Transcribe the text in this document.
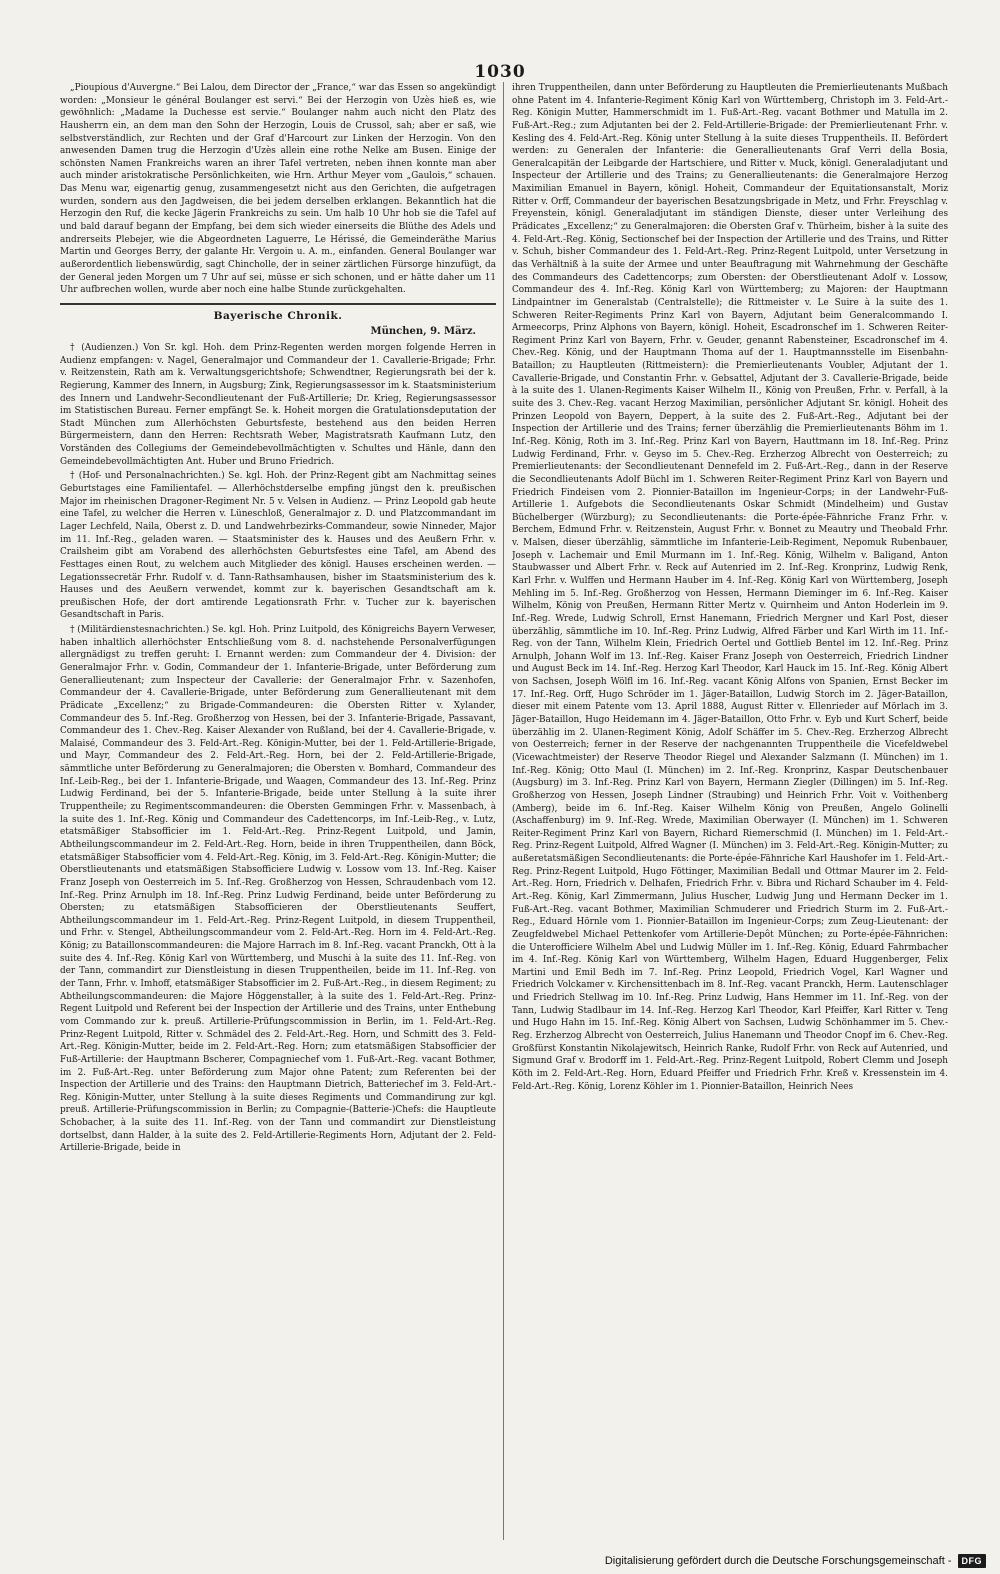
1030

„Pioupious d'Auvergne.“ Bei Lalou, dem Director der „France,“ war das Essen so angekündigt worden: „Monsieur le général Boulanger est servi.“ Bei der Herzogin von Uzès hieß es, wie gewöhnlich: „Madame la Duchesse est servie.“ Boulanger nahm auch nicht den Platz des Hausherrn ein, an dem man den Sohn der Herzogin, Louis de Crussol, sah; aber er saß, wie selbstverständlich, zur Rechten und der Graf d'Harcourt zur Linken der Herzogin. Von den anwesenden Damen trug die Herzogin d'Uzès allein eine rothe Nelke am Busen. Einige der schönsten Namen Frankreichs waren an ihrer Tafel vertreten, neben ihnen konnte man aber auch minder aristokratische Persönlichkeiten, wie Hrn. Arthur Meyer vom „Gaulois,“ schauen. Das Menu war, eigenartig genug, zusammengesetzt nicht aus den Gerichten, die aufgetragen wurden, sondern aus den Jagdweisen, die bei jedem derselben erklangen. Bekanntlich hat die Herzogin den Ruf, die kecke Jägerin Frankreichs zu sein. Um halb 10 Uhr hob sie die Tafel auf und bald darauf begann der Empfang, bei dem sich wieder einerseits die Blüthe des Adels und andrerseits Plebejer, wie die Abgeordneten Laguerre, Le Hérissé, die Gemeinderäthe Marius Martin und Georges Berry, der galante Hr. Vergoin u. A. m., einfanden. General Boulanger war außerordentlich liebenswürdig, sagt Chincholle, der in seiner zärtlichen Fürsorge hinzufügt, da der General jeden Morgen um 7 Uhr auf sei, müsse er sich schonen, und er hätte daher um 11 Uhr aufbrechen wollen, wurde aber noch eine halbe Stunde zurückgehalten.

Bayerische Chronik.
München, 9. März.

† (Audienzen.) Von Sr. kgl. Hoh. dem Prinz-Regenten werden morgen folgende Herren in Audienz empfangen: v. Nagel, Generalmajor und Commandeur der 1. Cavallerie-Brigade; Frhr. v. Reitzenstein, Rath am k. Verwaltungsgerichtshofe; Schwendtner, Regierungsrath bei der k. Regierung, Kammer des Innern, in Augsburg; Zink, Regierungsassessor im k. Staatsministerium des Innern und Landwehr-Secondlieutenant der Fuß-Artillerie; Dr. Krieg, Regierungsassessor im Statistischen Bureau. Ferner empfängt Se. k. Hoheit morgen die Gratulationsdeputation der Stadt München zum Allerhöchsten Geburtsfeste, bestehend aus den beiden Herren Bürgermeistern, dann den Herren: Rechtsrath Weber, Magistratsrath Kaufmann Lutz, den Vorständen des Collegiums der Gemeindebevollmächtigten v. Schultes und Hänle, dann den Gemeindebevollmächtigten Ant. Huber und Bruno Friedrich.

† (Hof- und Personalnachrichten.) Se. kgl. Hoh. der Prinz-Regent gibt am Nachmittag seines Geburtstages eine Familientafel. — Allerhöchstderselbe empfing jüngst den k. preußischen Major im rheinischen Dragoner-Regiment Nr. 5 v. Velsen in Audienz. — Prinz Leopold gab heute eine Tafel, zu welcher die Herren v. Lüneschloß, Generalmajor z. D. und Platzcommandant im Lager Lechfeld, Naila, Oberst z. D. und Landwehrbezirks-Commandeur, sowie Ninneder, Major im 11. Inf.-Reg., geladen waren. — Staatsminister des k. Hauses und des Aeußern Frhr. v. Crailsheim gibt am Vorabend des allerhöchsten Geburtsfestes eine Tafel, am Abend des Festtages einen Rout, zu welchem auch Mitglieder des königl. Hauses erscheinen werden. — Legationssecretär Frhr. Rudolf v. d. Tann-Rathsamhausen, bisher im Staatsministerium des k. Hauses und des Aeußern verwendet, kommt zur k. bayerischen Gesandtschaft am k. preußischen Hofe, der dort amtirende Legationsrath Frhr. v. Tucher zur k. bayerischen Gesandtschaft in Paris.

† (Militärdienstesnachrichten.) Se. kgl. Hoh. Prinz Luitpold, des Königreichs Bayern Verweser, haben inhaltlich allerhöchster Entschließung vom 8. d. nachstehende Personalverfügungen allergnädigst zu treffen geruht: I. Ernannt werden: zum Commandeur der 4. Division: der Generalmajor Frhr. v. Godin, Commandeur der 1. Infanterie-Brigade, unter Beförderung zum Generallieutenant; zum Inspecteur der Cavallerie: der Generalmajor Frhr. v. Sazenhofen, Commandeur der 4. Cavallerie-Brigade, unter Beförderung zum Generallieutenant mit dem Prädicate „Excellenz;“ zu Brigade-Commandeuren: die Obersten Ritter v. Xylander, Commandeur des 5. Inf.-Reg. Großherzog von Hessen, bei der 3. Infanterie-Brigade, Passavant, Commandeur des 1. Chev.-Reg. Kaiser Alexander von Rußland, bei der 4. Cavallerie-Brigade, v. Malaisé, Commandeur des 3. Feld-Art.-Reg. Königin-Mutter, bei der 1. Feld-Artillerie-Brigade, und Mayr, Commandeur des 2. Feld-Art.-Reg. Horn, bei der 2. Feld-Artillerie-Brigade, sämmtliche unter Beförderung zu Generalmajoren; die Obersten v. Bomhard, Commandeur des Inf.-Leib-Reg., bei der 1. Infanterie-Brigade, und Waagen, Commandeur des 13. Inf.-Reg. Prinz Ludwig Ferdinand, bei der 5. Infanterie-Brigade, beide unter Stellung à la suite ihrer Truppentheile; zu Regimentscommandeuren: die Obersten Gemmingen Frhr. v. Massenbach, à la suite des 1. Inf.-Reg. König und Commandeur des Cadettencorps, im Inf.-Leib-Reg., v. Lutz, etatsmäßiger Stabsofficier im 1. Feld-Art.-Reg. Prinz-Regent Luitpold, und Jamin, Abtheilungscommandeur im 2. Feld-Art.-Reg. Horn, beide in ihren Truppentheilen, dann Böck, etatsmäßiger Stabsofficier vom 4. Feld-Art.-Reg. König, im 3. Feld-Art.-Reg. Königin-Mutter; die Oberstlieutenants und etatsmäßigen Stabsofficiere Ludwig v. Lossow vom 13. Inf.-Reg. Kaiser Franz Joseph von Oesterreich im 5. Inf.-Reg. Großherzog von Hessen, Schraudenbach vom 12. Inf.-Reg. Prinz Arnulph im 18. Inf.-Reg. Prinz Ludwig Ferdinand, beide unter Beförderung zu Obersten; zu etatsmäßigen Stabsofficieren der Oberstlieutenants Seuffert, Abtheilungscommandeur im 1. Feld-Art.-Reg. Prinz-Regent Luitpold, in diesem Truppentheil, und Frhr. v. Stengel, Abtheilungscommandeur vom 2. Feld-Art.-Reg. Horn im 4. Feld-Art.-Reg. König; zu Bataillonscommandeuren: die Majore Harrach im 8. Inf.-Reg. vacant Pranckh, Ott à la suite des 4. Inf.-Reg. König Karl von Württemberg, und Muschi à la suite des 11. Inf.-Reg. von der Tann, commandirt zur Dienstleistung in diesen Truppentheilen, beide im 11. Inf.-Reg. von der Tann, Frhr. v. Imhoff, etatsmäßiger Stabsofficier im 2. Fuß-Art.-Reg., in diesem Regiment; zu Abtheilungscommandeuren: die Majore Höggenstaller, à la suite des 1. Feld-Art.-Reg. Prinz-Regent Luitpold und Referent bei der Inspection der Artillerie und des Trains, unter Enthebung vom Commando zur k. preuß. Artillerie-Prüfungscommission in Berlin, im 1. Feld-Art.-Reg. Prinz-Regent Luitpold, Ritter v. Schmädel des 2. Feld-Art.-Reg. Horn, und Schmitt des 3. Feld-Art.-Reg. Königin-Mutter, beide im 2. Feld-Art.-Reg. Horn; zum etatsmäßigen Stabsofficier der Fuß-Artillerie: der Hauptmann Bscherer, Compagniechef vom 1. Fuß-Art.-Reg. vacant Bothmer, im 2. Fuß-Art.-Reg. unter Beförderung zum Major ohne Patent; zum Referenten bei der Inspection der Artillerie und des Trains: den Hauptmann Dietrich, Batteriechef im 3. Feld-Art.-Reg. Königin-Mutter, unter Stellung à la suite dieses Regiments und Commandirung zur kgl. preuß. Artillerie-Prüfungscommission in Berlin; zu Compagnie-(Batterie-)Chefs: die Hauptleute Schobacher, à la suite des 11. Inf.-Reg. von der Tann und commandirt zur Dienstleistung dortselbst, dann Halder, à la suite des 2. Feld-Artillerie-Regiments Horn, Adjutant der 2. Feld-Artillerie-Brigade, beide in

ihren Truppentheilen, dann unter Beförderung zu Hauptleuten die Premierlieutenants Mußbach ohne Patent im 4. Infanterie-Regiment König Karl von Württemberg, Christoph im 3. Feld-Art.-Reg. Königin Mutter, Hammerschmidt im 1. Fuß-Art.-Reg. vacant Bothmer und Matulla im 2. Fuß-Art.-Reg.; zum Adjutanten bei der 2. Feld-Artillerie-Brigade: der Premierlieutenant Frhr. v. Kesling des 4. Feld-Art.-Reg. König unter Stellung à la suite dieses Truppentheils. II. Befördert werden: zu Generalen der Infanterie: die Generallieutenants Graf Verri della Bosia, Generalcapitän der Leibgarde der Hartschiere, und Ritter v. Muck, königl. Generaladjutant und Inspecteur der Artillerie und des Trains; zu Generallieutenants: die Generalmajore Herzog Maximilian Emanuel in Bayern, königl. Hoheit, Commandeur der Equitationsanstalt, Moriz Ritter v. Orff, Commandeur der bayerischen Besatzungsbrigade in Metz, und Frhr. Freyschlag v. Freyenstein, königl. Generaladjutant im ständigen Dienste, dieser unter Verleihung des Prädicates „Excellenz;“ zu Generalmajoren: die Obersten Graf v. Thürheim, bisher à la suite des 4. Feld-Art.-Reg. König, Sectionschef bei der Inspection der Artillerie und des Trains, und Ritter v. Schuh, bisher Commandeur des 1. Feld-Art.-Reg. Prinz-Regent Luitpold, unter Versetzung in das Verhältniß à la suite der Armee und unter Beauftragung mit Wahrnehmung der Geschäfte des Commandeurs des Cadettencorps; zum Obersten: der Oberstlieutenant Adolf v. Lossow, Commandeur des 4. Inf.-Reg. König Karl von Württemberg; zu Majoren: der Hauptmann Lindpaintner im Generalstab (Centralstelle); die Rittmeister v. Le Suire à la suite des 1. Schweren Reiter-Regiments Prinz Karl von Bayern, Adjutant beim Generalcommando I. Armeecorps, Prinz Alphons von Bayern, königl. Hoheit, Escadronschef im 1. Schweren Reiter-Regiment Prinz Karl von Bayern, Frhr. v. Geuder, genannt Rabensteiner, Escadronschef im 4. Chev.-Reg. König, und der Hauptmann Thoma auf der 1. Hauptmannsstelle im Eisenbahn-Bataillon; zu Hauptleuten (Rittmeistern): die Premierlieutenants Voubler, Adjutant der 1. Cavallerie-Brigade, und Constantin Frhr. v. Gebsattel, Adjutant der 3. Cavallerie-Brigade, beide à la suite des 1. Ulanen-Regiments Kaiser Wilhelm II., König von Preußen, Frhr. v. Perfall, à la suite des 3. Chev.-Reg. vacant Herzog Maximilian, persönlicher Adjutant Sr. königl. Hoheit des Prinzen Leopold von Bayern, Deppert, à la suite des 2. Fuß-Art.-Reg., Adjutant bei der Inspection der Artillerie und des Trains; ferner überzählig die Premierlieutenants Böhm im 1. Inf.-Reg. König, Roth im 3. Inf.-Reg. Prinz Karl von Bayern, Hauttmann im 18. Inf.-Reg. Prinz Ludwig Ferdinand, Frhr. v. Geyso im 5. Chev.-Reg. Erzherzog Albrecht von Oesterreich; zu Premierlieutenants: der Secondlieutenant Dennefeld im 2. Fuß-Art.-Reg., dann in der Reserve die Secondlieutenants Adolf Büchl im 1. Schweren Reiter-Regiment Prinz Karl von Bayern und Friedrich Findeisen vom 2. Pionnier-Bataillon im Ingenieur-Corps; in der Landwehr-Fuß-Artillerie 1. Aufgebots die Secondlieutenants Oskar Schmidt (Mindelheim) und Gustav Büchelberger (Würzburg); zu Secondlieutenants: die Porte-épée-Fähnriche Franz Frhr. v. Berchem, Edmund Frhr. v. Reitzenstein, August Frhr. v. Bonnet zu Meautry und Theobald Frhr. v. Malsen, dieser überzählig, sämmtliche im Infanterie-Leib-Regiment, Nepomuk Rubenbauer, Joseph v. Lachemair und Emil Murmann im 1. Inf.-Reg. König, Wilhelm v. Baligand, Anton Staubwasser und Albert Frhr. v. Reck auf Autenried im 2. Inf.-Reg. Kronprinz, Ludwig Renk, Karl Frhr. v. Wulffen und Hermann Hauber im 4. Inf.-Reg. König Karl von Württemberg, Joseph Mehling im 5. Inf.-Reg. Großherzog von Hessen, Hermann Dieminger im 6. Inf.-Reg. Kaiser Wilhelm, König von Preußen, Hermann Ritter Mertz v. Quirnheim und Anton Hoderlein im 9. Inf.-Reg. Wrede, Ludwig Schroll, Ernst Hanemann, Friedrich Mergner und Karl Post, dieser überzählig, sämmtliche im 10. Inf.-Reg. Prinz Ludwig, Alfred Färber und Karl Wirth im 11. Inf.-Reg. von der Tann, Wilhelm Klein, Friedrich Oertel und Gottlieb Bentel im 12. Inf.-Reg. Prinz Arnulph, Johann Wolf im 13. Inf.-Reg. Kaiser Franz Joseph von Oesterreich, Friedrich Lindner und August Beck im 14. Inf.-Reg. Herzog Karl Theodor, Karl Hauck im 15. Inf.-Reg. König Albert von Sachsen, Joseph Wölfl im 16. Inf.-Reg. vacant König Alfons von Spanien, Ernst Becker im 17. Inf.-Reg. Orff, Hugo Schröder im 1. Jäger-Bataillon, Ludwig Storch im 2. Jäger-Bataillon, dieser mit einem Patente vom 13. April 1888, August Ritter v. Ellenrieder auf Mörlach im 3. Jäger-Bataillon, Hugo Heidemann im 4. Jäger-Bataillon, Otto Frhr. v. Eyb und Kurt Scherf, beide überzählig im 2. Ulanen-Regiment König, Adolf Schäffer im 5. Chev.-Reg. Erzherzog Albrecht von Oesterreich; ferner in der Reserve der nachgenannten Truppentheile die Vicefeldwebel (Vicewachtmeister) der Reserve Theodor Riegel und Alexander Salzmann (I. München) im 1. Inf.-Reg. König; Otto Maul (I. München) im 2. Inf.-Reg. Kronprinz, Kaspar Deutschenbauer (Augsburg) im 3. Inf.-Reg. Prinz Karl von Bayern, Hermann Ziegler (Dillingen) im 5. Inf.-Reg. Großherzog von Hessen, Joseph Lindner (Straubing) und Heinrich Frhr. Voit v. Voithenberg (Amberg), beide im 6. Inf.-Reg. Kaiser Wilhelm König von Preußen, Angelo Golinelli (Aschaffenburg) im 9. Inf.-Reg. Wrede, Maximilian Oberwayer (I. München) im 1. Schweren Reiter-Regiment Prinz Karl von Bayern, Richard Riemerschmid (I. München) im 1. Feld-Art.-Reg. Prinz-Regent Luitpold, Alfred Wagner (I. München) im 3. Feld-Art.-Reg. Königin-Mutter; zu außeretatsmäßigen Secondlieutenants: die Porte-épée-Fähnriche Karl Haushofer im 1. Feld-Art.-Reg. Prinz-Regent Luitpold, Hugo Föttinger, Maximilian Bedall und Ottmar Maurer im 2. Feld-Art.-Reg. Horn, Friedrich v. Delhafen, Friedrich Frhr. v. Bibra und Richard Schauber im 4. Feld-Art.-Reg. König, Karl Zimmermann, Julius Huscher, Ludwig Jung und Hermann Decker im 1. Fuß-Art.-Reg. vacant Bothmer, Maximilian Schmuderer und Friedrich Sturm im 2. Fuß-Art.-Reg., Eduard Hörnle vom 1. Pionnier-Bataillon im Ingenieur-Corps; zum Zeug-Lieutenant: der Zeugfeldwebel Michael Pettenkofer vom Artillerie-Depôt München; zu Porte-épée-Fähnrichen: die Unterofficiere Wilhelm Abel und Ludwig Müller im 1. Inf.-Reg. König, Eduard Fahrmbacher im 4. Inf.-Reg. König Karl von Württemberg, Wilhelm Hagen, Eduard Huggenberger, Felix Martini und Emil Bedh im 7. Inf.-Reg. Prinz Leopold, Friedrich Vogel, Karl Wagner und Friedrich Volckamer v. Kirchensittenbach im 8. Inf.-Reg. vacant Pranckh, Herm. Lautenschlager und Friedrich Stellwag im 10. Inf.-Reg. Prinz Ludwig, Hans Hemmer im 11. Inf.-Reg. von der Tann, Ludwig Stadlbaur im 14. Inf.-Reg. Herzog Karl Theodor, Karl Pfeiffer, Karl Ritter v. Teng und Hugo Hahn im 15. Inf.-Reg. König Albert von Sachsen, Ludwig Schönhammer im 5. Chev.-Reg. Erzherzog Albrecht von Oesterreich, Julius Hanemann und Theodor Cnopf im 6. Chev.-Reg. Großfürst Konstantin Nikolajewitsch, Heinrich Ranke, Rudolf Frhr. von Reck auf Autenried, und Sigmund Graf v. Brodorff im 1. Feld-Art.-Reg. Prinz-Regent Luitpold, Robert Clemm und Joseph Köth im 2. Feld-Art.-Reg. Horn, Eduard Pfeiffer und Friedrich Frhr. Kreß v. Kressenstein im 4. Feld-Art.-Reg. König, Lorenz Köhler im 1. Pionnier-Bataillon, Heinrich Nees

Digitalisierung gefördert durch die Deutsche Forschungsgemeinschaft -	DFG
